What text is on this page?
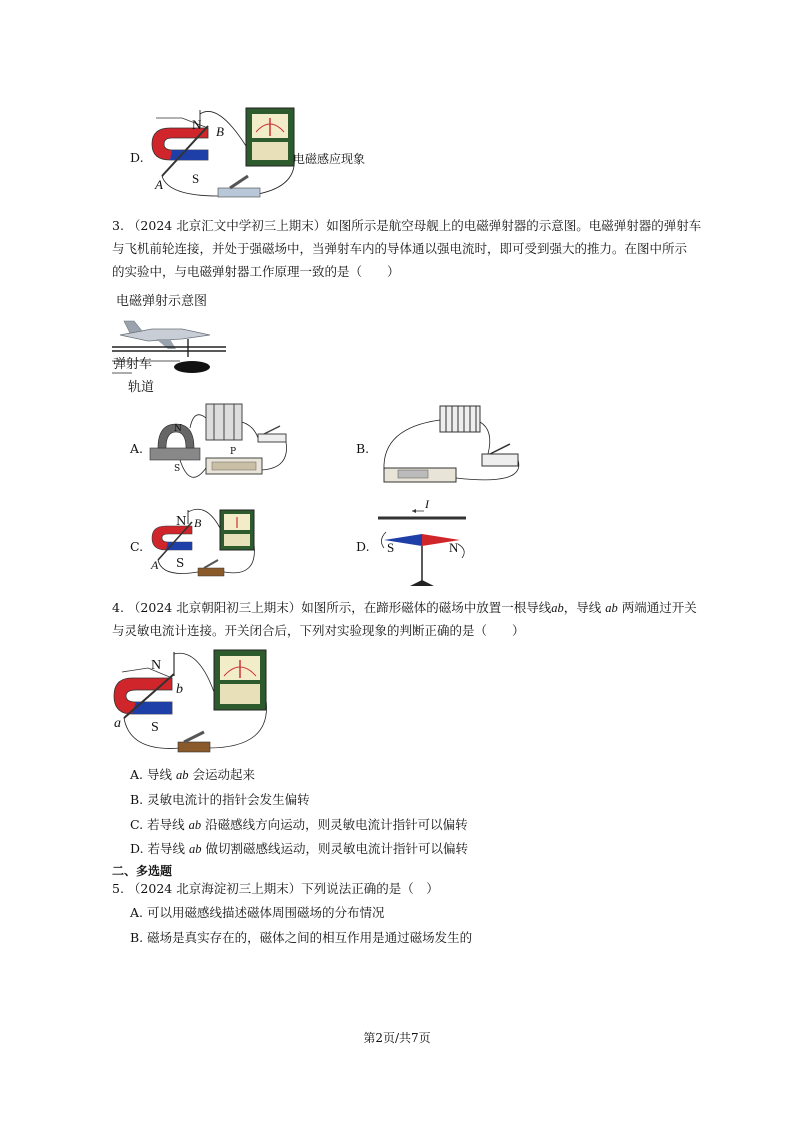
D.
N B
A S
电磁感应现象
3. （2024 北京汇文中学初三上期末）如图所示是航空母舰上的电磁弹射器的示意图。电磁弹射器的弹射车
与飞机前轮连接，并处于强磁场中，当弹射车内的导体通以强电流时，即可受到强大的推力。在图中所示
的实验中，与电磁弹射器工作原理一致的是（　　）
电磁弹射示意图
弹射车
轨道
A.
N
S
P	B.
C.
N B
A S
D.
I
S	N
4. （2024 北京朝阳初三上期末）如图所示，在蹄形磁体的磁场中放置一根导线ab，导线 ab 两端通过开关
与灵敏电流计连接。开关闭合后，下列对实验现象的判断正确的是（　　）
N
b
a S
A. 导线 ab 会运动起来
B. 灵敏电流计的指针会发生偏转
C. 若导线 ab 沿磁感线方向运动，则灵敏电流计指针可以偏转
D. 若导线 ab 做切割磁感线运动，则灵敏电流计指针可以偏转
二、多选题
5. （2024 北京海淀初三上期末）下列说法正确的是（　）
A. 可以用磁感线描述磁体周围磁场的分布情况
B. 磁场是真实存在的，磁体之间的相互作用是通过磁场发生的
第2页/共7页
